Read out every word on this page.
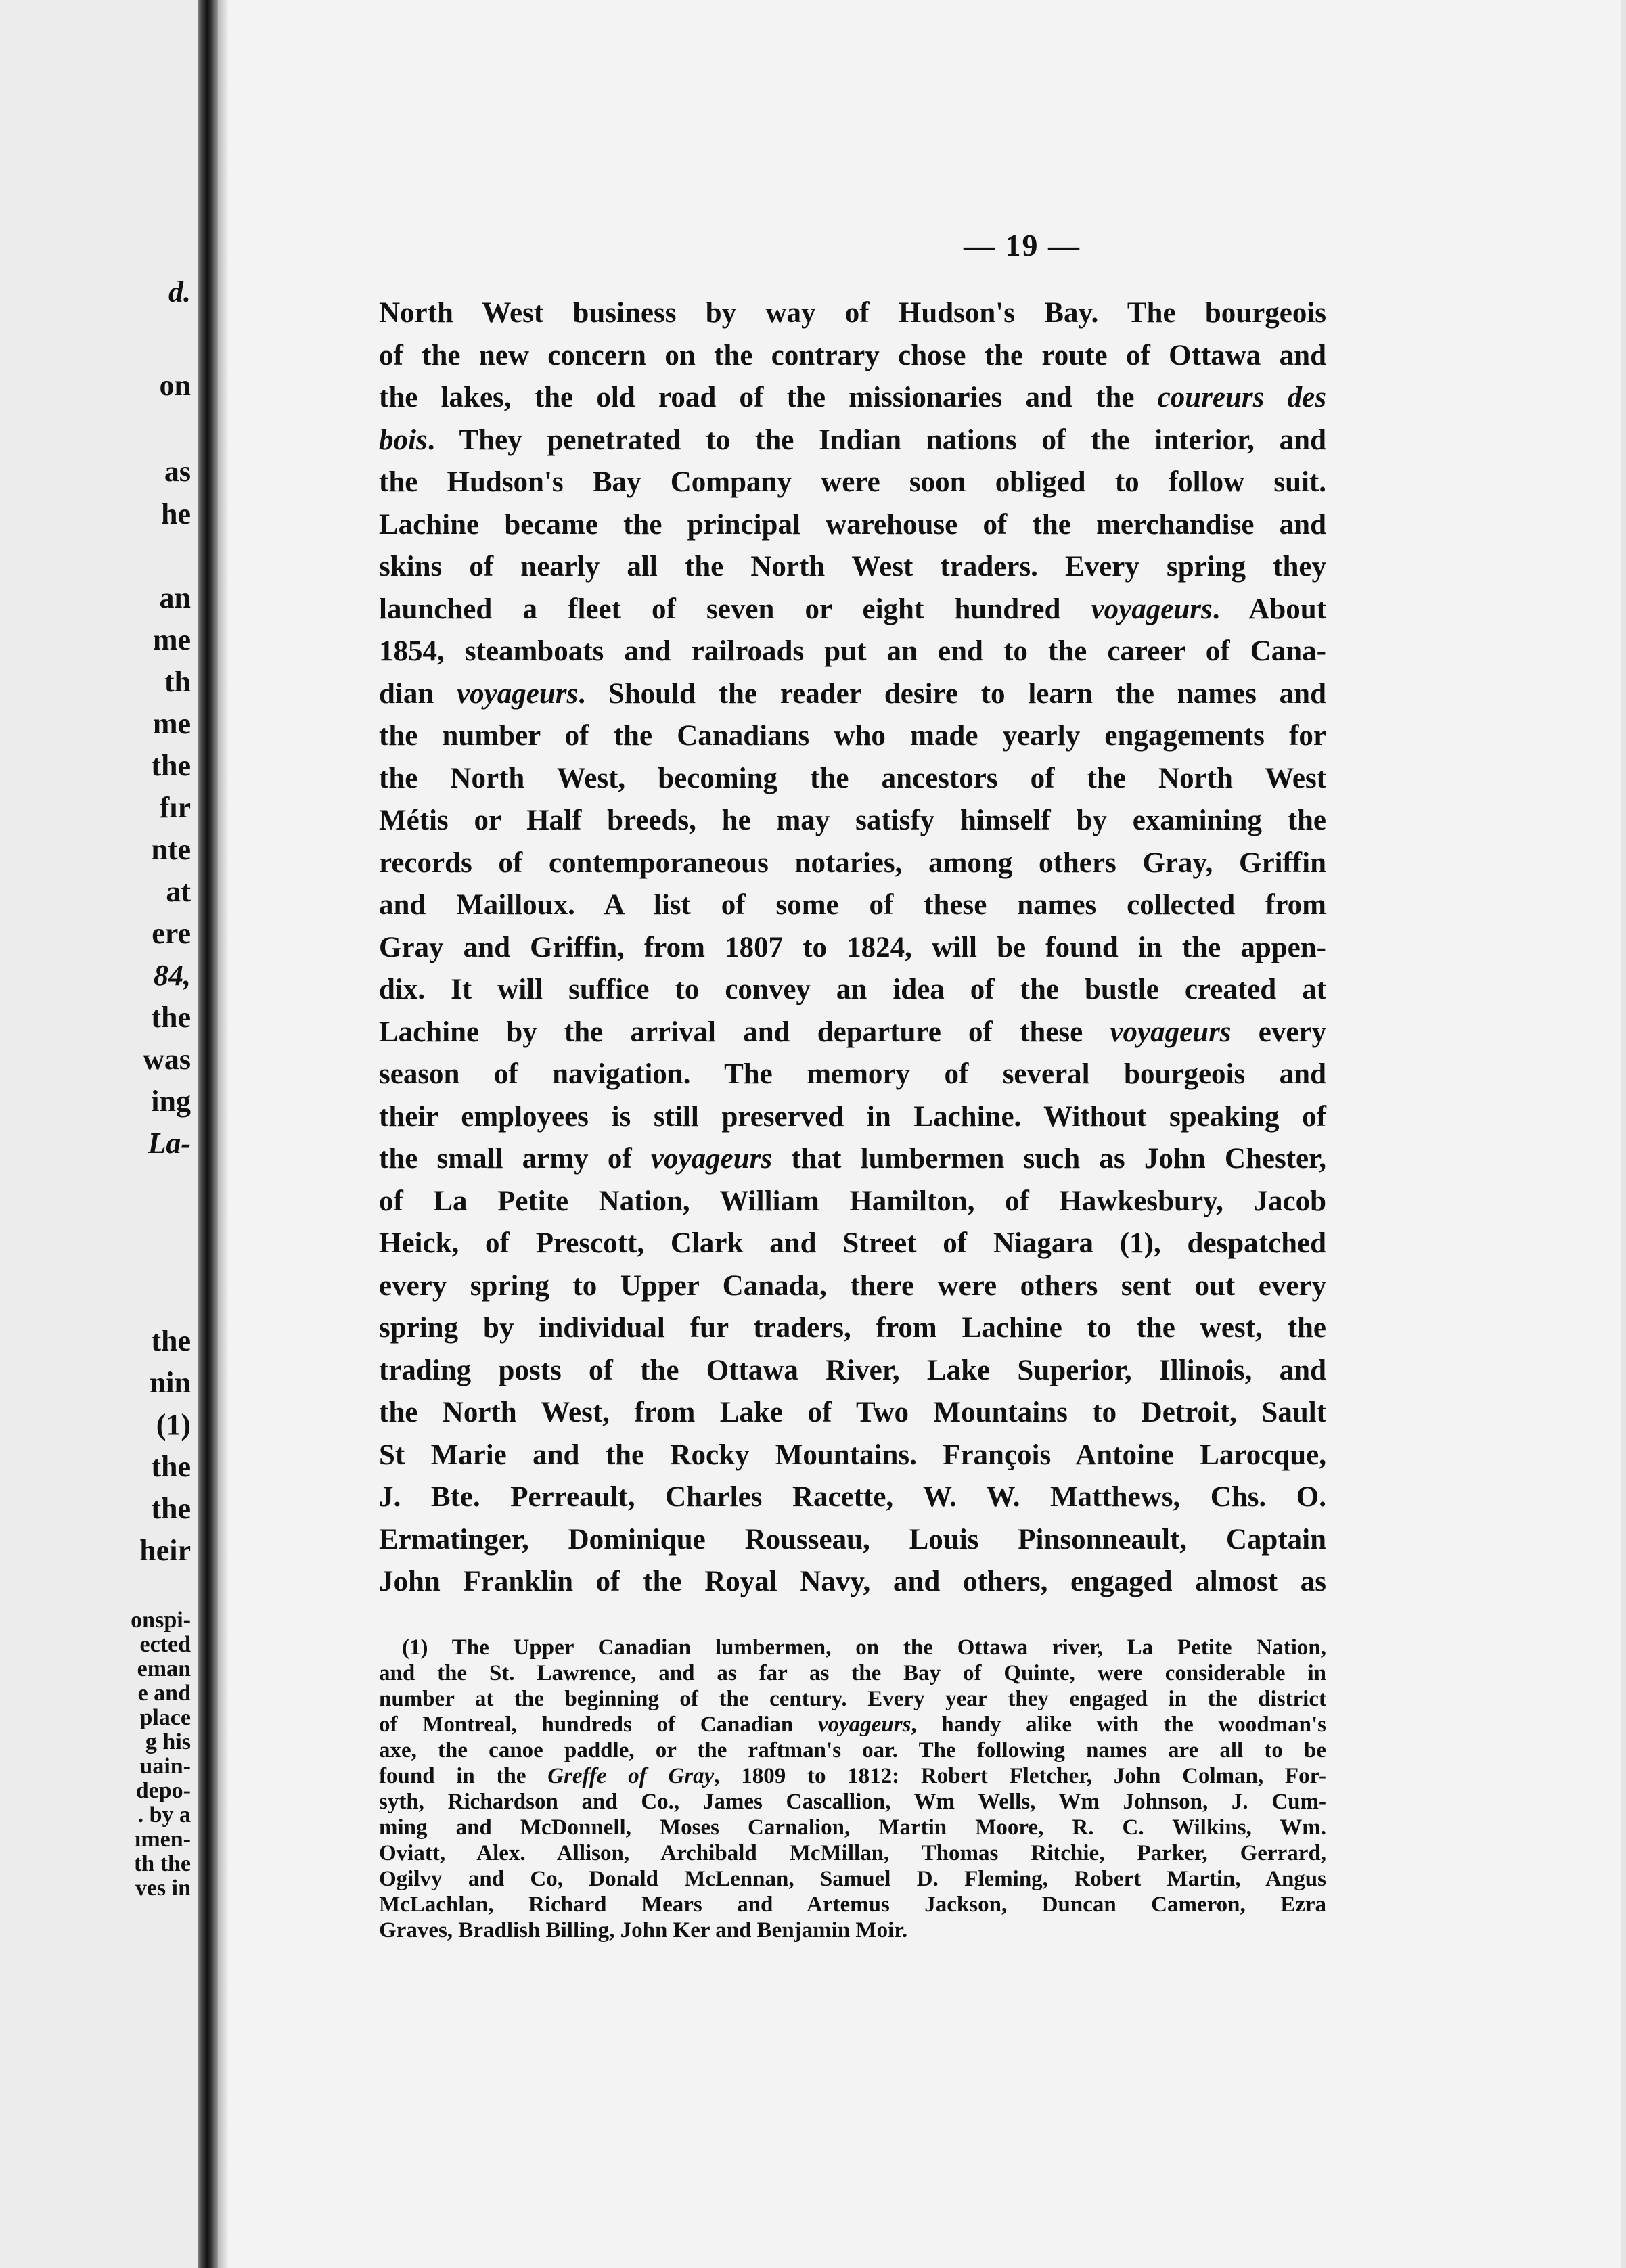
d.
on
as
he
an
me
th
me
the
fır
nte
at
ere
84,
the
was
ing
La-
the
nin
(1)
the
the
heir
onspi-
ected
eman
e and
place
g his
uain-
depo-
. by a
ımen-
th the
ves in
— 19 —
North West business by way of Hudson's Bay. The bourgeois
of the new concern on the contrary chose the route of Ottawa and
the lakes, the old road of the missionaries and the coureurs des
bois. They penetrated to the Indian nations of the interior, and
the Hudson's Bay Company were soon obliged to follow suit.
Lachine became the principal warehouse of the merchandise and
skins of nearly all the North West traders. Every spring they
launched a fleet of seven or eight hundred voyageurs. About
1854, steamboats and railroads put an end to the career of Cana-
dian voyageurs. Should the reader desire to learn the names and
the number of the Canadians who made yearly engagements for
the North West, becoming the ancestors of the North West
Métis or Half breeds, he may satisfy himself by examining the
records of contemporaneous notaries, among others Gray, Griffin
and Mailloux. A list of some of these names collected from
Gray and Griffin, from 1807 to 1824, will be found in the appen-
dix. It will suffice to convey an idea of the bustle created at
Lachine by the arrival and departure of these voyageurs every
season of navigation. The memory of several bourgeois and
their employees is still preserved in Lachine. Without speaking of
the small army of voyageurs that lumbermen such as John Chester,
of La Petite Nation, William Hamilton, of Hawkesbury, Jacob
Heick, of Prescott, Clark and Street of Niagara (1), despatched
every spring to Upper Canada, there were others sent out every
spring by individual fur traders, from Lachine to the west, the
trading posts of the Ottawa River, Lake Superior, Illinois, and
the North West, from Lake of Two Mountains to Detroit, Sault
St Marie and the Rocky Mountains. François Antoine Larocque,
J. Bte. Perreault, Charles Racette, W. W. Matthews, Chs. O.
Ermatinger, Dominique Rousseau, Louis Pinsonneault, Captain
John Franklin of the Royal Navy, and others, engaged almost as
(1) The Upper Canadian lumbermen, on the Ottawa river, La Petite Nation,
and the St. Lawrence, and as far as the Bay of Quinte, were considerable in
number at the beginning of the century. Every year they engaged in the district
of Montreal, hundreds of Canadian voyageurs, handy alike with the woodman's
axe, the canoe paddle, or the raftman's oar. The following names are all to be
found in the Greffe of Gray, 1809 to 1812: Robert Fletcher, John Colman, For-
syth, Richardson and Co., James Cascallion, Wm Wells, Wm Johnson, J. Cum-
ming and McDonnell, Moses Carnalion, Martin Moore, R. C. Wilkins, Wm.
Oviatt, Alex. Allison, Archibald McMillan, Thomas Ritchie, Parker, Gerrard,
Ogilvy and Co, Donald McLennan, Samuel D. Fleming, Robert Martin, Angus
McLachlan, Richard Mears and Artemus Jackson, Duncan Cameron, Ezra
Graves, Bradlish Billing, John Ker and Benjamin Moir.
